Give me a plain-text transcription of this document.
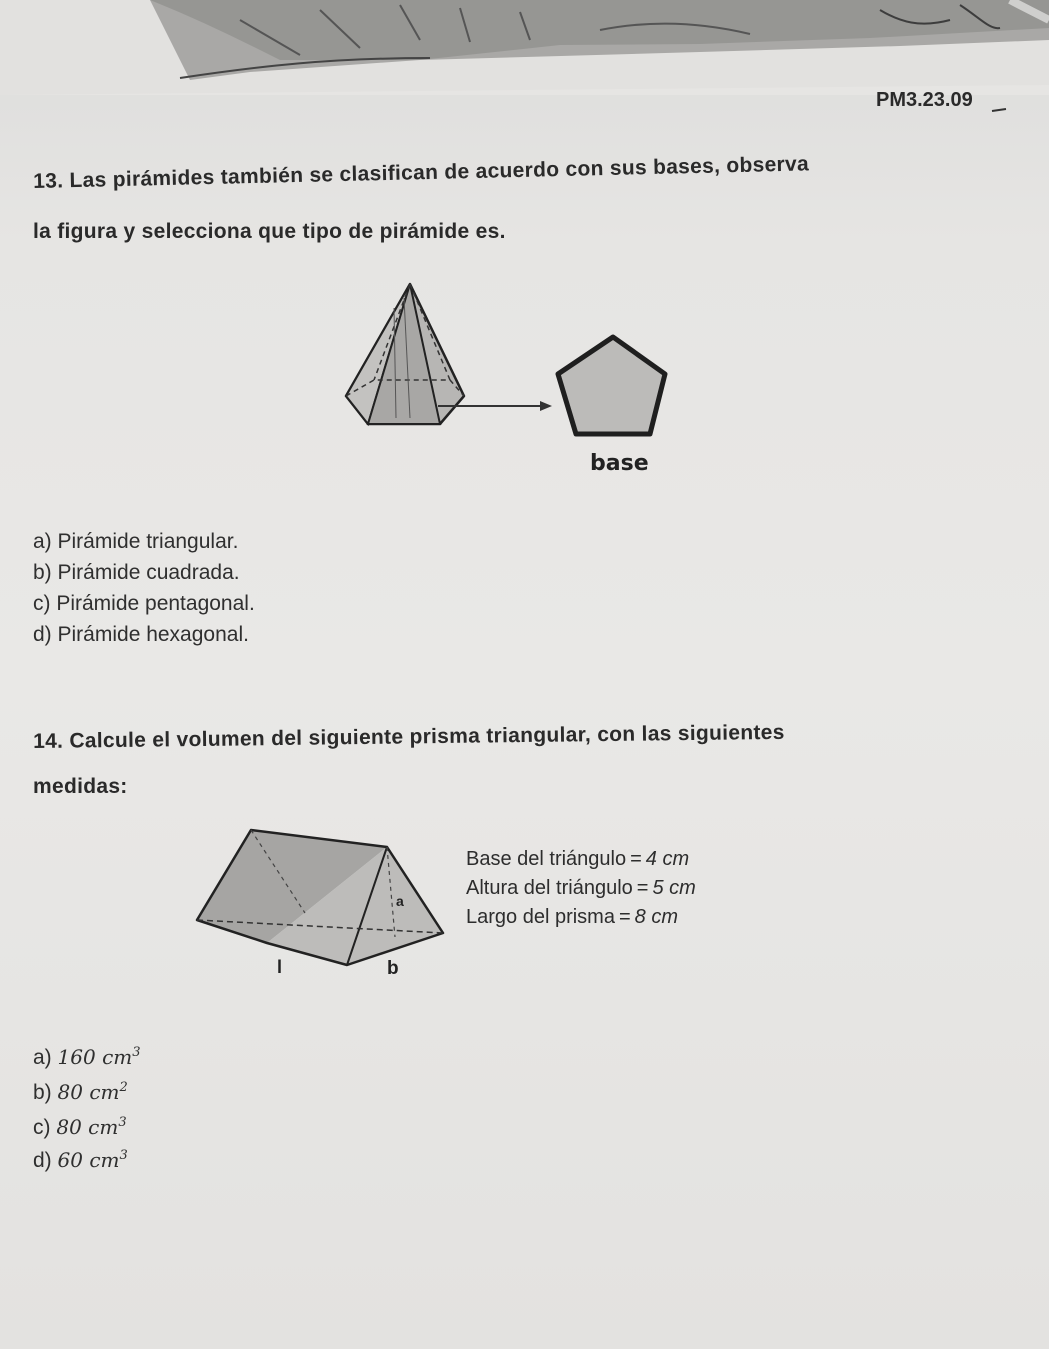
PM3.23.09
13. Las pirámides también se clasifican de acuerdo con sus bases, observa
la figura y selecciona que tipo de pirámide es.
base
a) Pirámide triangular.
b) Pirámide cuadrada.
c) Pirámide pentagonal.
d) Pirámide hexagonal.
14. Calcule el volumen del siguiente prisma triangular, con las siguientes
medidas:
a
l	b
Base del triángulo = 4 cm
Altura del triángulo = 5 cm
Largo del prisma = 8 cm
a) 160 $cm^3$
b) 80 $cm^2$
c) 80 $cm^3$
d) 60 $cm^3$
